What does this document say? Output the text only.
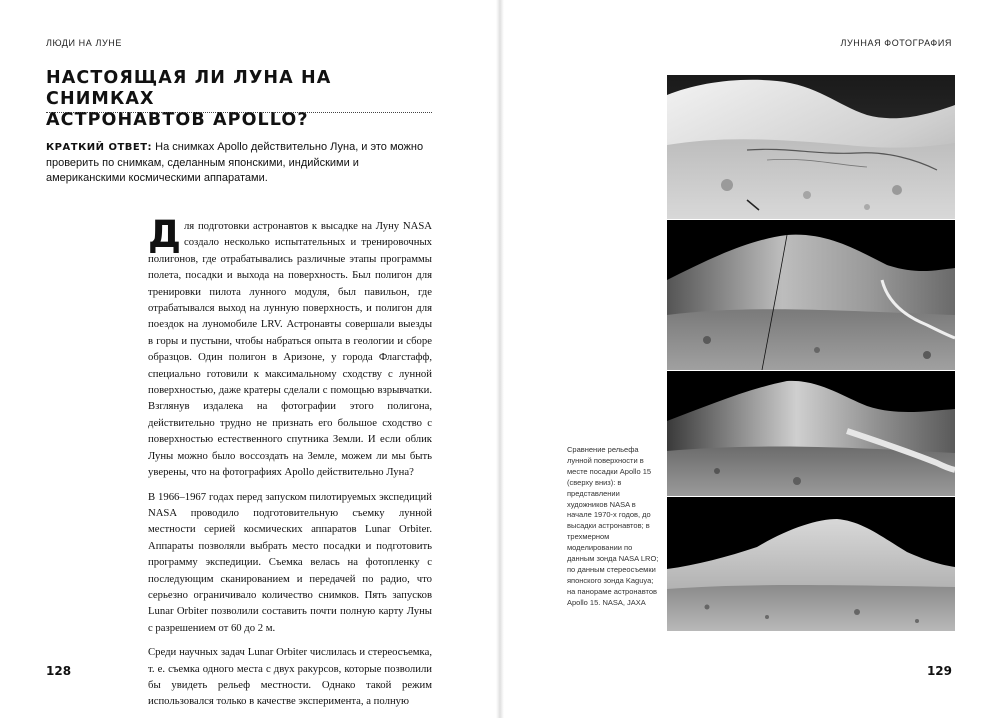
ЛЮДИ НА ЛУНЕ
НАСТОЯЩАЯ ЛИ ЛУНА НА СНИМКАХ
АСТРОНАВТОВ APOLLO?
КРАТКИЙ ОТВЕТ: На снимках Apollo действительно Луна, и это можно проверить по снимкам, сделанным японскими, индийскими и американскими космическими аппаратами.

Для подготовки астронавтов к высадке на Луну NASA создало несколько испытательных и тренировочных полигонов, где отрабатывались различные этапы программы полета, посадки и выхода на поверхность. Был полигон для тренировки пилота лунного модуля, был павильон, где отрабатывался выход на лунную поверхность, и полигон для поездок на луномобиле LRV. Астронавты совершали выезды в горы и пустыни, чтобы набраться опыта в геологии и сборе образцов. Один полигон в Аризоне, у города Флагстафф, специально готовили к максимальному сходству с лунной поверхностью, даже кратеры сделали с помощью взрывчатки. Взглянув издалека на фотографии этого полигона, действительно трудно не признать его большое сходство с поверхностью естественного спутника Земли. И если облик Луны можно было воссоздать на Земле, можем ли мы быть уверены, что на фотографиях Apollo действительно Луна?

В 1966–1967 годах перед запуском пилотируемых экспедиций NASA проводило подготовительную съемку лунной местности серией космических аппаратов Lunar Orbiter. Аппараты позволяли выбрать место посадки и подготовить программу экспедиции. Съемка велась на фотопленку с последующим сканированием и передачей по радио, что серьезно ограничивало количество снимков. Пять запусков Lunar Orbiter позволили составить почти полную карту Луны с разрешением от 60 до 2 м.

Среди научных задач Lunar Orbiter числилась и стереосъемка, т. е. съемка одного места с двух ракурсов, которые позволили бы увидеть рельеф местности. Однако такой режим использовался только в качестве эксперимента, а полную

128
ЛУННАЯ ФОТОГРАФИЯ
Сравнение рельефа лунной поверхности в месте посадки Apollo 15 (сверху вниз): в представлении художников NASA в начале 1970-х годов, до высадки астронавтов; в трехмерном моделировании по данным зонда NASA LRO; по данным стереосъемки японского зонда Kaguya; на панораме астронавтов Apollo 15. NASA, JAXA
129
